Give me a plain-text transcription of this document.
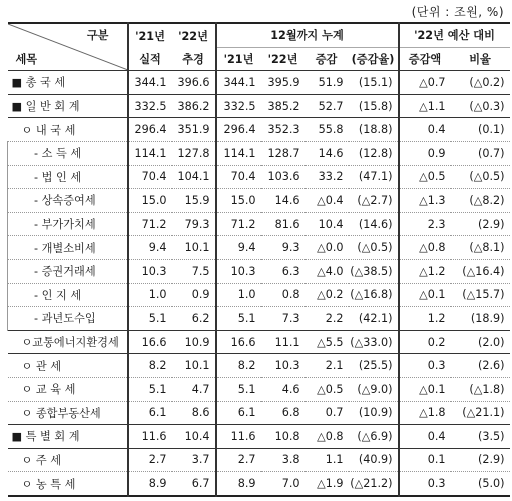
(단위 : 조원, %)
구분
세목	'21년	'22년	12월까지 누계				'22년 예산 대비	
	실적	추경	'21년	'22년	증감	(증감율)	증감액	비율
■ 총 국 세	344.1	396.6	344.1	395.9	51.9	(15.1)	△0.7	(△0.2)
■ 일 반 회 계	332.5	386.2	332.5	385.2	52.7	(15.8)	△1.1	(△0.3)
ㅇ 내 국 세	296.4	351.9	296.4	352.3	55.8	(18.8)	0.4	(0.1)
- 소 득 세	114.1	127.8	114.1	128.7	14.6	(12.8)	0.9	(0.7)
- 법 인 세	70.4	104.1	70.4	103.6	33.2	(47.1)	△0.5	(△0.5)
- 상속증여세	15.0	15.9	15.0	14.6	△0.4	(△2.7)	△1.3	(△8.2)
- 부가가치세	71.2	79.3	71.2	81.6	10.4	(14.6)	2.3	(2.9)
- 개별소비세	9.4	10.1	9.4	9.3	△0.0	(△0.5)	△0.8	(△8.1)
- 증권거래세	10.3	7.5	10.3	6.3	△4.0	(△38.5)	△1.2	(△16.4)
- 인 지 세	1.0	0.9	1.0	0.8	△0.2	(△16.8)	△0.1	(△15.7)
- 과년도수입	5.1	6.2	5.1	7.3	2.2	(42.1)	1.2	(18.9)
ㅇ교통에너지환경세	16.6	10.9	16.6	11.1	△5.5	(△33.0)	0.2	(2.0)
ㅇ 관 세	8.2	10.1	8.2	10.3	2.1	(25.5)	0.3	(2.6)
ㅇ 교 육 세	5.1	4.7	5.1	4.6	△0.5	(△9.0)	△0.1	(△1.8)
ㅇ 종합부동산세	6.1	8.6	6.1	6.8	0.7	(10.9)	△1.8	(△21.1)
■ 특 별 회 계	11.6	10.4	11.6	10.8	△0.8	(△6.9)	0.4	(3.5)
ㅇ 주 세	2.7	3.7	2.7	3.8	1.1	(40.9)	0.1	(2.9)
ㅇ 농 특 세	8.9	6.7	8.9	7.0	△1.9	(△21.2)	0.3	(5.0)
